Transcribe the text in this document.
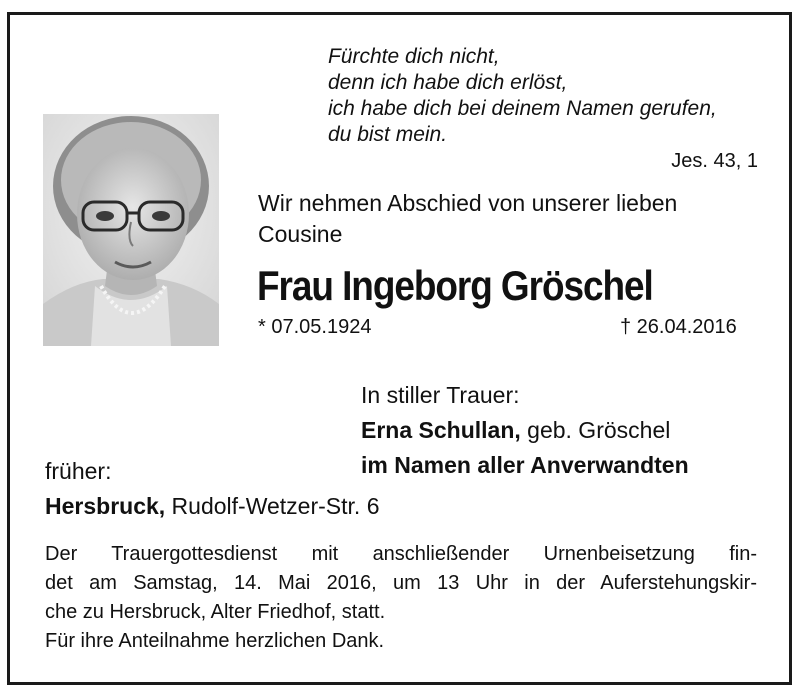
Fürchte dich nicht,
denn ich habe dich erlöst,
ich habe dich bei deinem Namen gerufen,
du bist mein.
Jes. 43, 1
Wir nehmen Abschied von unserer lieben Cousine
Frau Ingeborg Gröschel
* 07.05.1924	† 26.04.2016
In stiller Trauer:
Erna Schullan, geb. Gröschel
im Namen aller Anverwandten
früher:
Hersbruck, Rudolf-Wetzer-Str. 6
Der Trauergottesdienst mit anschließender Urnenbeisetzung fin-
det am Samstag, 14. Mai 2016, um 13 Uhr in der Auferstehungskir-
che zu Hersbruck, Alter Friedhof, statt.
Für ihre Anteilnahme herzlichen Dank.
